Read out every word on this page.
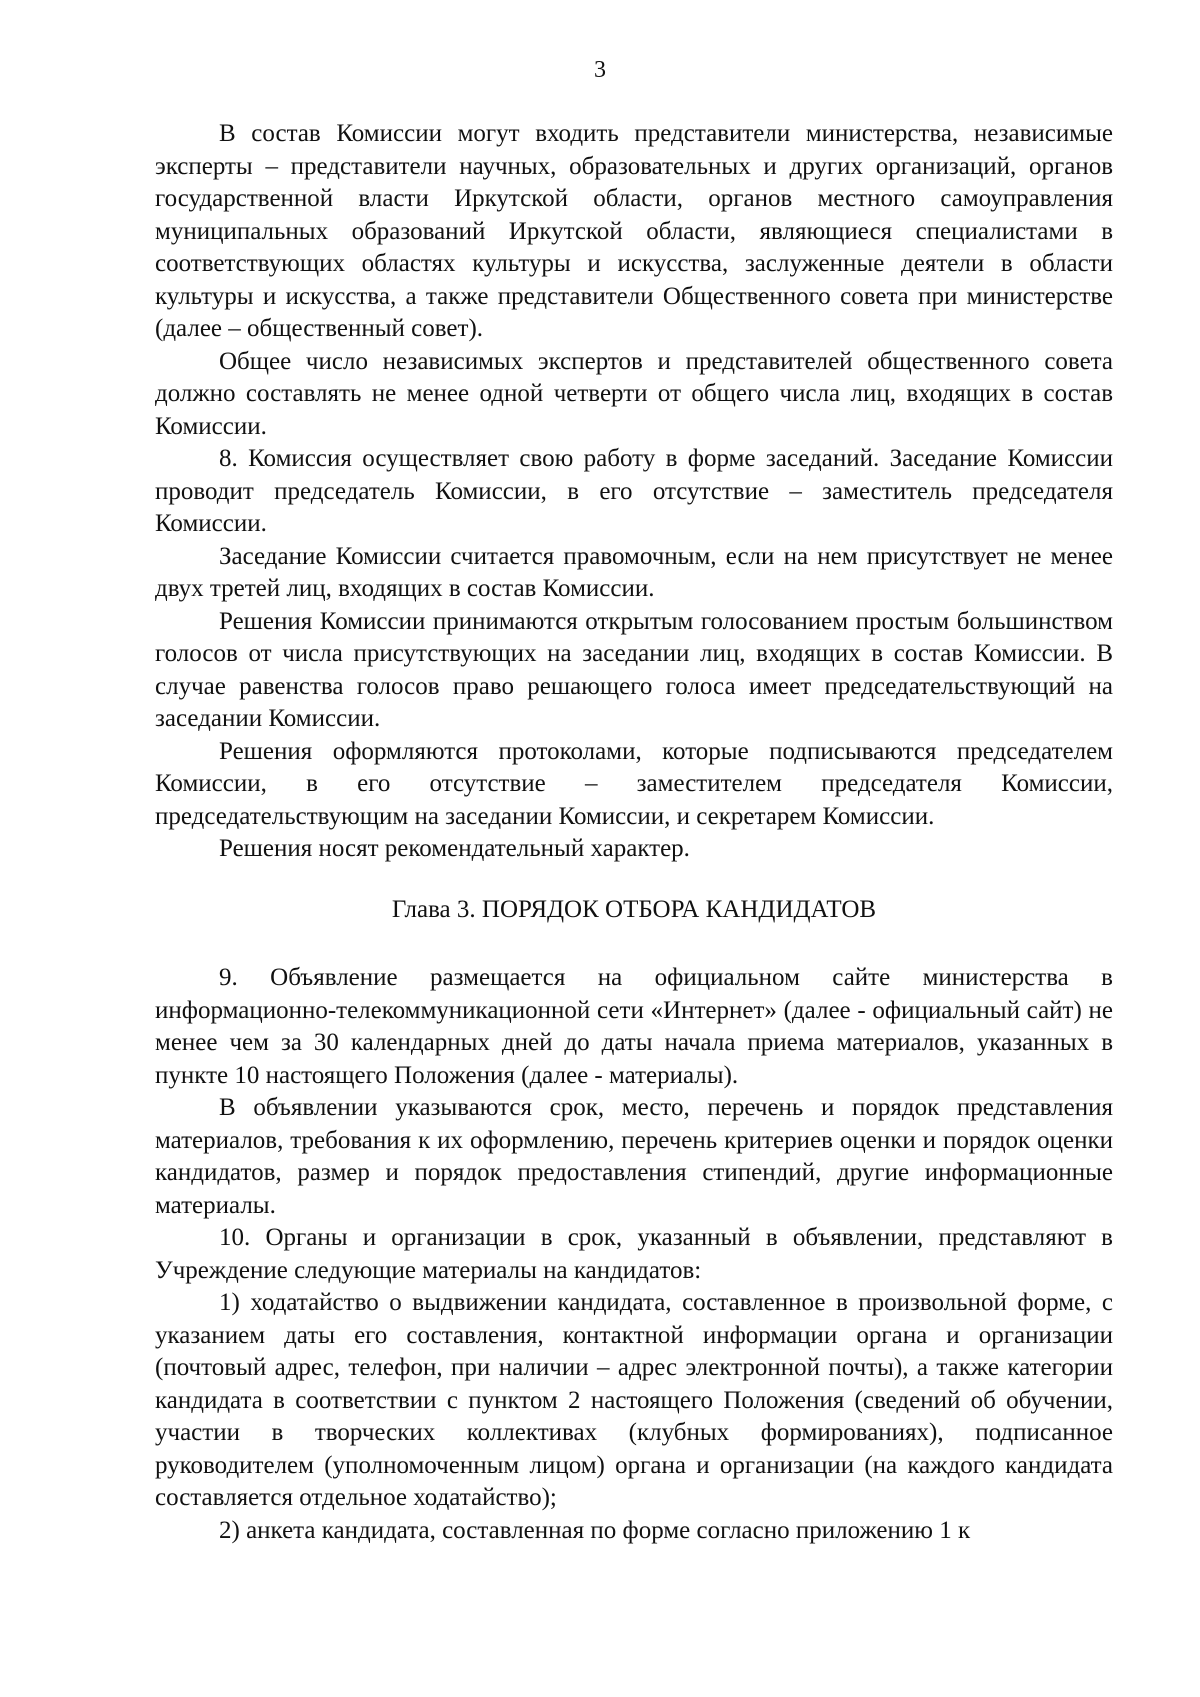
3

В состав Комиссии могут входить представители министерства, независимые эксперты – представители научных, образовательных и других организаций, органов государственной власти Иркутской области, органов местного самоуправления муниципальных образований Иркутской области, являющиеся специалистами в соответствующих областях культуры и искусства, заслуженные деятели в области культуры и искусства, а также представители Общественного совета при министерстве (далее – общественный совет).

Общее число независимых экспертов и представителей общественного совета должно составлять не менее одной четверти от общего числа лиц, входящих в состав Комиссии.

8. Комиссия осуществляет свою работу в форме заседаний. Заседание Комиссии проводит председатель Комиссии, в его отсутствие – заместитель председателя Комиссии.

Заседание Комиссии считается правомочным, если на нем присутствует не менее двух третей лиц, входящих в состав Комиссии.

Решения Комиссии принимаются открытым голосованием простым большинством голосов от числа присутствующих на заседании лиц, входящих в состав Комиссии. В случае равенства голосов право решающего голоса имеет председательствующий на заседании Комиссии.

Решения оформляются протоколами, которые подписываются председателем Комиссии, в его отсутствие – заместителем председателя Комиссии, председательствующим на заседании Комиссии, и секретарем Комиссии.

Решения носят рекомендательный характер.

Глава 3. ПОРЯДОК ОТБОРА КАНДИДАТОВ

9. Объявление размещается на официальном сайте министерства в информационно-телекоммуникационной сети «Интернет» (далее - официальный сайт) не менее чем за 30 календарных дней до даты начала приема материалов, указанных в пункте 10 настоящего Положения (далее - материалы).

В объявлении указываются срок, место, перечень и порядок представления материалов, требования к их оформлению, перечень критериев оценки и порядок оценки кандидатов, размер и порядок предоставления стипендий, другие информационные материалы.

10. Органы и организации в срок, указанный в объявлении, представляют в Учреждение следующие материалы на кандидатов:

1) ходатайство о выдвижении кандидата, составленное в произвольной форме, с указанием даты его составления, контактной информации органа и организации (почтовый адрес, телефон, при наличии – адрес электронной почты), а также категории кандидата в соответствии с пунктом 2 настоящего Положения (сведений об обучении, участии в творческих коллективах (клубных формированиях), подписанное руководителем (уполномоченным лицом) органа и организации (на каждого кандидата составляется отдельное ходатайство);

2) анкета кандидата, составленная по форме согласно приложению 1 к
